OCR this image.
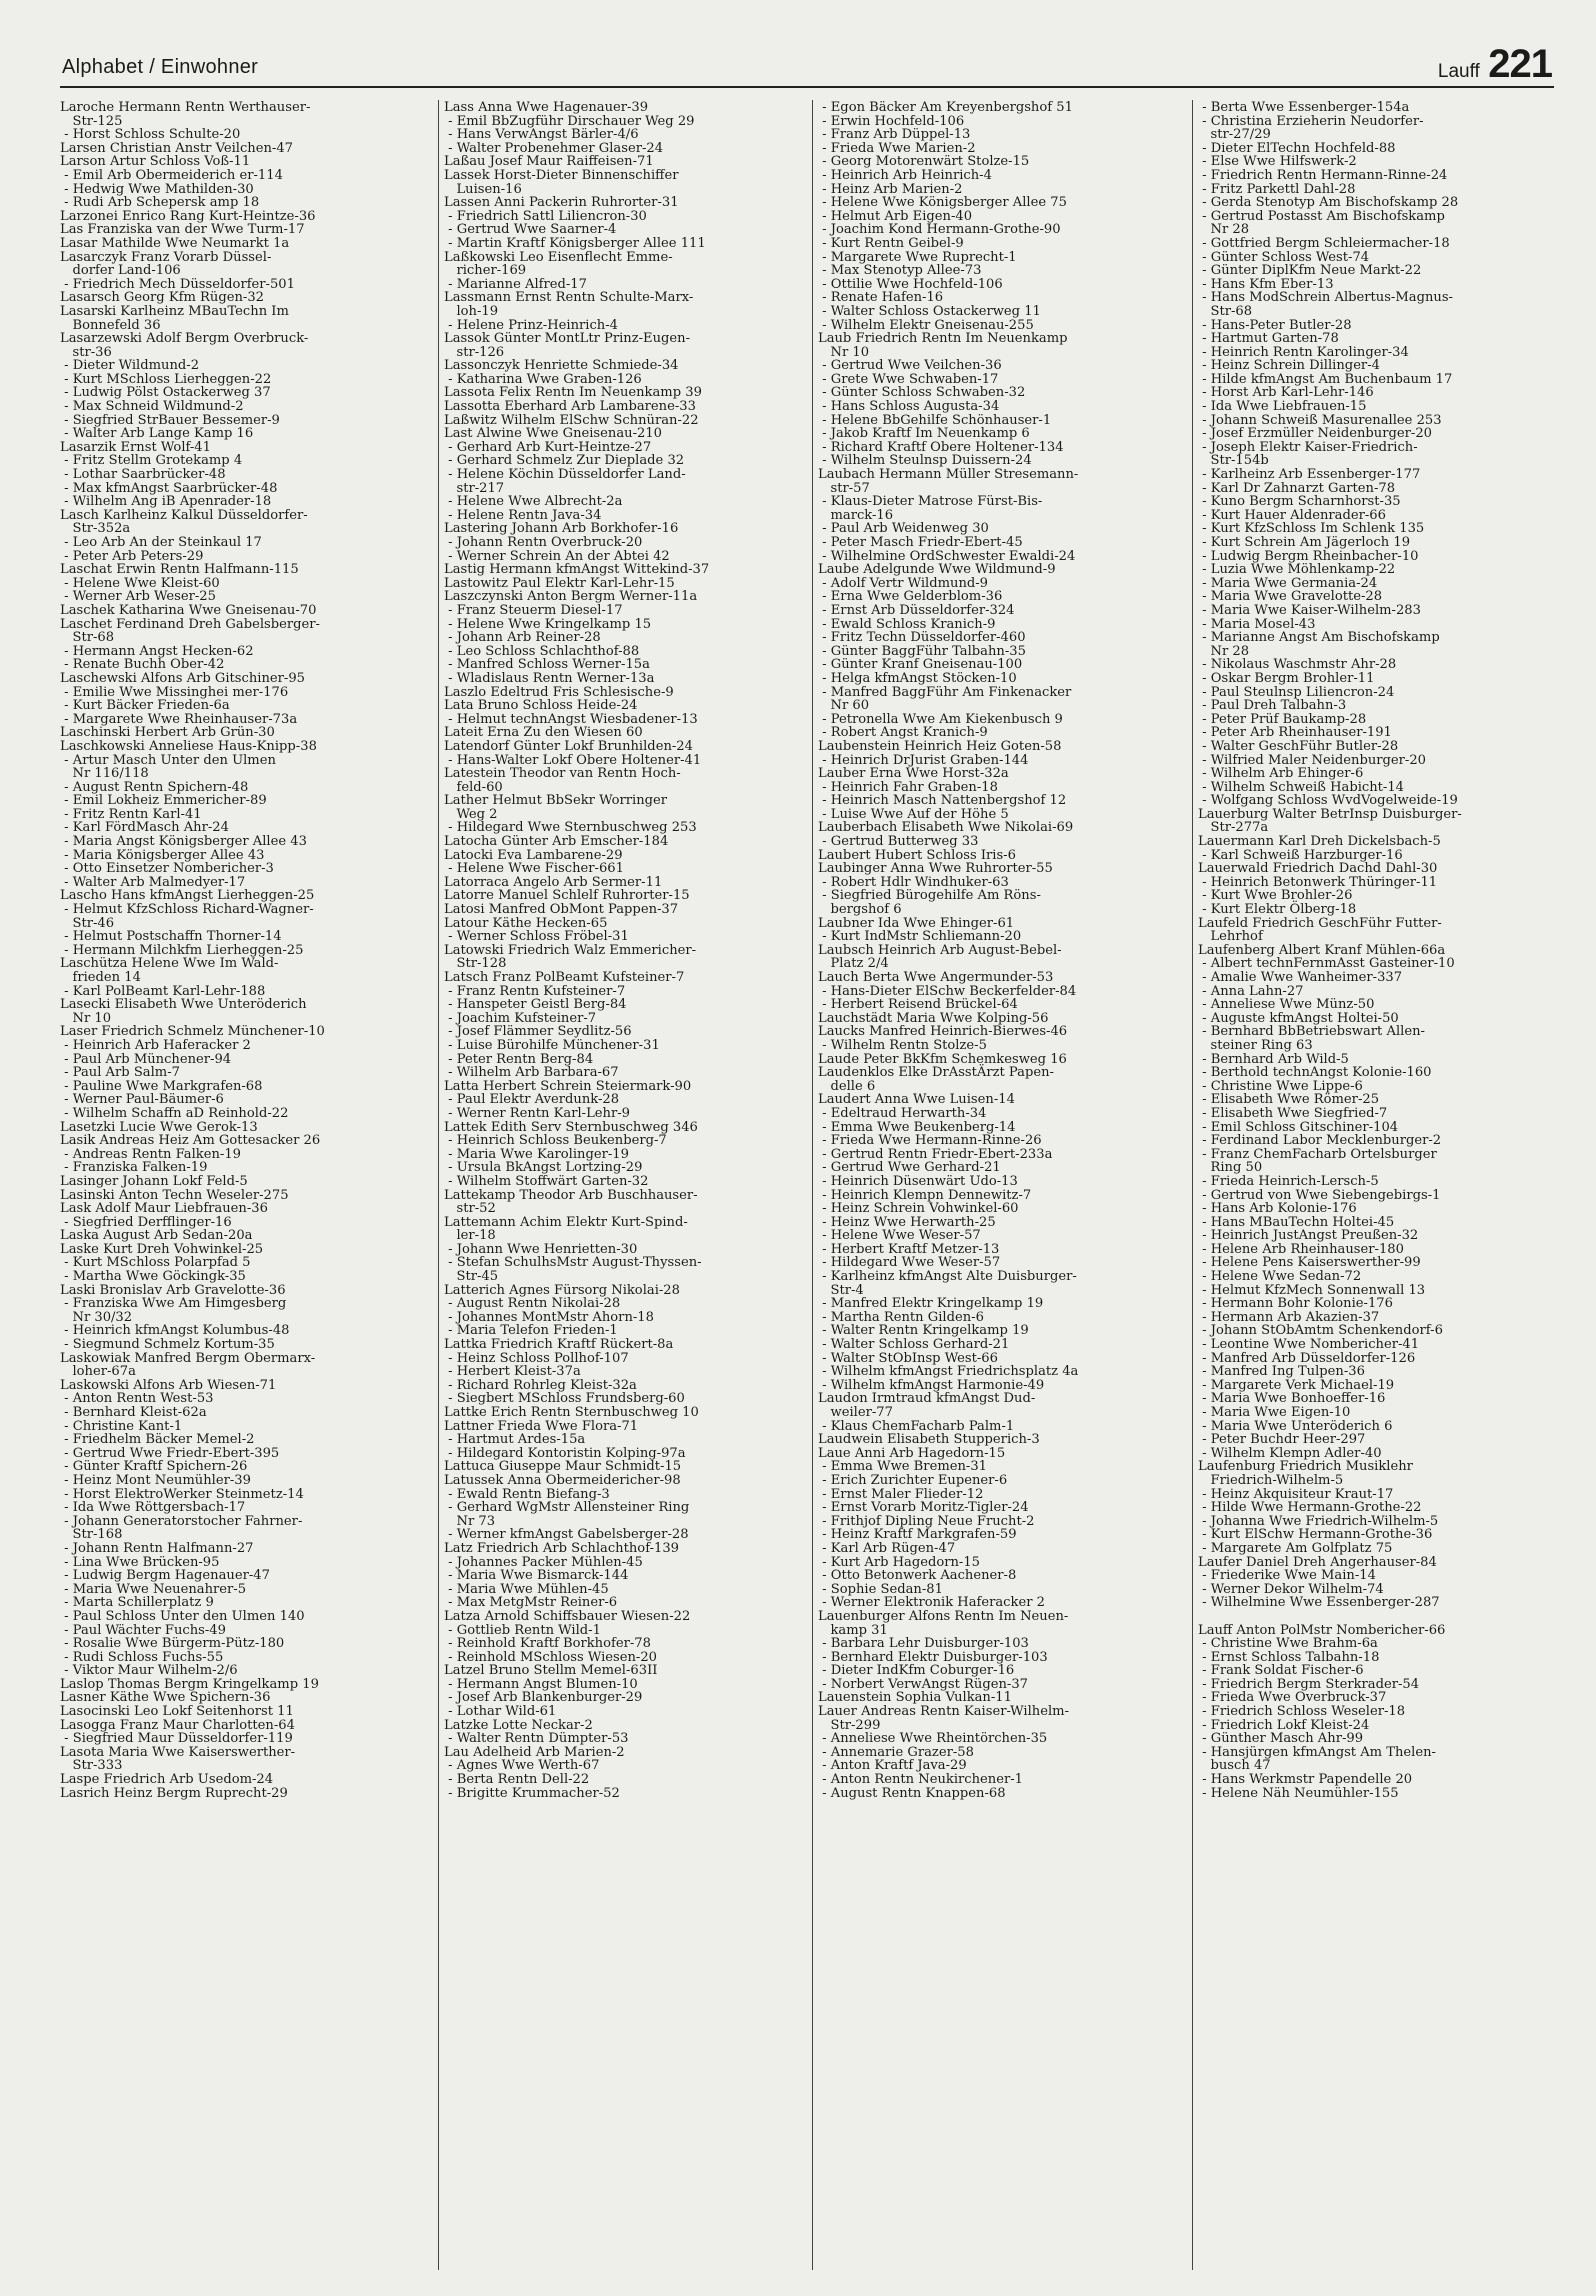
Alphabet / Einwohner	Lauff 221
Laroche Hermann Rentn Werthauser-
Str-125
- Horst Schloss Schulte-20
Larsen Christian Anstr Veilchen-47
Larson Artur Schloss Voß-11
- Emil Arb Obermeiderich er-114
- Hedwig Wwe Mathilden-30
- Rudi Arb Schepersk amp 18
Larzonei Enrico Rang Kurt-Heintze-36
Las Franziska van der Wwe Turm-17
Lasar Mathilde Wwe Neumarkt 1a
Lasarczyk Franz Vorarb Düssel-
dorfer Land-106
- Friedrich Mech Düsseldorfer-501
Lasarsch Georg Kfm Rügen-32
Lasarski Karlheinz MBauTechn Im
Bonnefeld 36
Lasarzewski Adolf Bergm Overbruck-
str-36
- Dieter Wildmund-2
- Kurt MSchloss Lierheggen-22
- Ludwig Pölst Ostackerweg 37
- Max Schneid Wildmund-2
- Siegfried StrBauer Bessemer-9
- Walter Arb Lange Kamp 16
Lasarzik Ernst Wolf-41
- Fritz Stellm Grotekamp 4
- Lothar Saarbrücker-48
- Max kfmAngst Saarbrücker-48
- Wilhelm Ang iB Apenrader-18
Lasch Karlheinz Kalkul Düsseldorfer-
Str-352a
- Leo Arb An der Steinkaul 17
- Peter Arb Peters-29
Laschat Erwin Rentn Halfmann-115
- Helene Wwe Kleist-60
- Werner Arb Weser-25
Laschek Katharina Wwe Gneisenau-70
Laschet Ferdinand Dreh Gabelsberger-
Str-68
- Hermann Angst Hecken-62
- Renate Buchh Ober-42
Laschewski Alfons Arb Gitschiner-95
- Emilie Wwe Missinghei mer-176
- Kurt Bäcker Frieden-6a
- Margarete Wwe Rheinhauser-73a
Laschinski Herbert Arb Grün-30
Laschkowski Anneliese Haus-Knipp-38
- Artur Masch Unter den Ulmen
Nr 116/118
- August Rentn Spichern-48
- Emil Lokheiz Emmericher-89
- Fritz Rentn Karl-41
- Karl FördMasch Ahr-24
- Maria Angst Königsberger Allee 43
- Maria Königsberger Allee 43
- Otto Einsetzer Nombericher-3
- Walter Arb Malmedyer-17
Lascho Hans kfmAngst Lierheggen-25
- Helmut KfzSchloss Richard-Wagner-
Str-46
- Helmut Postschaffn Thorner-14
- Hermann Milchkfm Lierheggen-25
Laschütza Helene Wwe Im Wald-
frieden 14
- Karl PolBeamt Karl-Lehr-188
Lasecki Elisabeth Wwe Unteröderich
Nr 10
Laser Friedrich Schmelz Münchener-10
- Heinrich Arb Haferacker 2
- Paul Arb Münchener-94
- Paul Arb Salm-7
- Pauline Wwe Markgrafen-68
- Werner Paul-Bäumer-6
- Wilhelm Schaffn aD Reinhold-22
Lasetzki Lucie Wwe Gerok-13
Lasik Andreas Heiz Am Gottesacker 26
- Andreas Rentn Falken-19
- Franziska Falken-19
Lasinger Johann Lokf Feld-5
Lasinski Anton Techn Weseler-275
Lask Adolf Maur Liebfrauen-36
- Siegfried Derfflinger-16
Laska August Arb Sedan-20a
Laske Kurt Dreh Vohwinkel-25
- Kurt MSchloss Polarpfad 5
- Martha Wwe Göckingk-35
Laski Bronislav Arb Gravelotte-36
- Franziska Wwe Am Himgesberg
Nr 30/32
- Heinrich kfmAngst Kolumbus-48
- Siegmund Schmelz Kortum-35
Laskowiak Manfred Bergm Obermarx-
loher-67a
Laskowski Alfons Arb Wiesen-71
- Anton Rentn West-53
- Bernhard Kleist-62a
- Christine Kant-1
- Friedhelm Bäcker Memel-2
- Gertrud Wwe Friedr-Ebert-395
- Günter Kraftf Spichern-26
- Heinz Mont Neumühler-39
- Horst ElektroWerker Steinmetz-14
- Ida Wwe Röttgersbach-17
- Johann Generatorstocher Fahrner-
Str-168
- Johann Rentn Halfmann-27
- Lina Wwe Brücken-95
- Ludwig Bergm Hagenauer-47
- Maria Wwe Neuenahrer-5
- Marta Schillerplatz 9
- Paul Schloss Unter den Ulmen 140
- Paul Wächter Fuchs-49
- Rosalie Wwe Bürgerm-Pütz-180
- Rudi Schloss Fuchs-55
- Viktor Maur Wilhelm-2/6
Laslop Thomas Bergm Kringelkamp 19
Lasner Käthe Wwe Spichern-36
Lasocinski Leo Lokf Seitenhorst 11
Lasogga Franz Maur Charlotten-64
- Siegfried Maur Düsseldorfer-119
Lasota Maria Wwe Kaiserswerther-
Str-333
Laspe Friedrich Arb Usedom-24
Lasrich Heinz Bergm Ruprecht-29
Lass Anna Wwe Hagenauer-39
- Emil BbZugführ Dirschauer Weg 29
- Hans VerwAngst Bärler-4/6
- Walter Probenehmer Glaser-24
Laßau Josef Maur Raiffeisen-71
Lassek Horst-Dieter Binnenschiffer
Luisen-16
Lassen Anni Packerin Ruhrorter-31
- Friedrich Sattl Liliencron-30
- Gertrud Wwe Saarner-4
- Martin Kraftf Königsberger Allee 111
Laßkowski Leo Eisenflecht Emme-
richer-169
- Marianne Alfred-17
Lassmann Ernst Rentn Schulte-Marx-
loh-19
- Helene Prinz-Heinrich-4
Lassok Günter MontLtr Prinz-Eugen-
str-126
Lassonczyk Henriette Schmiede-34
- Katharina Wwe Graben-126
Lassota Felix Rentn Im Neuenkamp 39
Lassotta Eberhard Arb Lambarene-33
Laßwitz Wilhelm ElSchw Schnüran-22
Last Alwine Wwe Gneisenau-210
- Gerhard Arb Kurt-Heintze-27
- Gerhard Schmelz Zur Dieplade 32
- Helene Köchin Düsseldorfer Land-
str-217
- Helene Wwe Albrecht-2a
- Helene Rentn Java-34
Lastering Johann Arb Borkhofer-16
- Johann Rentn Overbruck-20
- Werner Schrein An der Abtei 42
Lastig Hermann kfmAngst Wittekind-37
Lastowitz Paul Elektr Karl-Lehr-15
Laszczynski Anton Bergm Werner-11a
- Franz Steuerm Diesel-17
- Helene Wwe Kringelkamp 15
- Johann Arb Reiner-28
- Leo Schloss Schlachthof-88
- Manfred Schloss Werner-15a
- Wladislaus Rentn Werner-13a
Laszlo Edeltrud Fris Schlesische-9
Lata Bruno Schloss Heide-24
- Helmut technAngst Wiesbadener-13
Lateit Erna Zu den Wiesen 60
Latendorf Günter Lokf Brunhilden-24
- Hans-Walter Lokf Obere Holtener-41
Latestein Theodor van Rentn Hoch-
feld-60
Lather Helmut BbSekr Worringer
Weg 2
- Hildegard Wwe Sternbuschweg 253
Latocha Günter Arb Emscher-184
Latocki Eva Lambarene-29
- Helene Wwe Fischer-661
Latorraca Angelo Arb Sermer-11
Latorre Manuel Schlelf Ruhrorter-15
Latosi Manfred ObMont Pappen-37
Latour Käthe Hecken-65
- Werner Schloss Fröbel-31
Latowski Friedrich Walz Emmericher-
Str-128
Latsch Franz PolBeamt Kufsteiner-7
- Franz Rentn Kufsteiner-7
- Hanspeter Geistl Berg-84
- Joachim Kufsteiner-7
- Josef Flämmer Seydlitz-56
- Luise Bürohilfe Münchener-31
- Peter Rentn Berg-84
- Wilhelm Arb Barbara-67
Latta Herbert Schrein Steiermark-90
- Paul Elektr Averdunk-28
- Werner Rentn Karl-Lehr-9
Lattek Edith Serv Sternbuschweg 346
- Heinrich Schloss Beukenberg-7
- Maria Wwe Karolinger-19
- Ursula BkAngst Lortzing-29
- Wilhelm Stoffwärt Garten-32
Lattekamp Theodor Arb Buschhauser-
str-52
Lattemann Achim Elektr Kurt-Spind-
ler-18
- Johann Wwe Henrietten-30
- Stefan SchulhsMstr August-Thyssen-
Str-45
Latterich Agnes Fürsorg Nikolai-28
- August Rentn Nikolai-28
- Johannes MontMstr Ahorn-18
- Maria Telefon Frieden-1
Lattka Friedrich Kraftf Rückert-8a
- Heinz Schloss Pollhof-107
- Herbert Kleist-37a
- Richard Rohrleg Kleist-32a
- Siegbert MSchloss Frundsberg-60
Lattke Erich Rentn Sternbuschweg 10
Lattner Frieda Wwe Flora-71
- Hartmut Ardes-15a
- Hildegard Kontoristin Kolping-97a
Lattuca Giuseppe Maur Schmidt-15
Latussek Anna Obermeidericher-98
- Ewald Rentn Biefang-3
- Gerhard WgMstr Allensteiner Ring
Nr 73
- Werner kfmAngst Gabelsberger-28
Latz Friedrich Arb Schlachthof-139
- Johannes Packer Mühlen-45
- Maria Wwe Bismarck-144
- Maria Wwe Mühlen-45
- Max MetgMstr Reiner-6
Latza Arnold Schiffsbauer Wiesen-22
- Gottlieb Rentn Wild-1
- Reinhold Kraftf Borkhofer-78
- Reinhold MSchloss Wiesen-20
Latzel Bruno Stellm Memel-63II
- Hermann Angst Blumen-10
- Josef Arb Blankenburger-29
- Lothar Wild-61
Latzke Lotte Neckar-2
- Walter Rentn Dümpter-53
Lau Adelheid Arb Marien-2
- Agnes Wwe Werth-67
- Berta Rentn Dell-22
- Brigitte Krummacher-52
- Egon Bäcker Am Kreyenbergshof 51
- Erwin Hochfeld-106
- Franz Arb Düppel-13
- Frieda Wwe Marien-2
- Georg Motorenwärt Stolze-15
- Heinrich Arb Heinrich-4
- Heinz Arb Marien-2
- Helene Wwe Königsberger Allee 75
- Helmut Arb Eigen-40
- Joachim Kond Hermann-Grothe-90
- Kurt Rentn Geibel-9
- Margarete Wwe Ruprecht-1
- Max Stenotyp Allee-73
- Ottilie Wwe Hochfeld-106
- Renate Hafen-16
- Walter Schloss Ostackerweg 11
- Wilhelm Elektr Gneisenau-255
Laub Friedrich Rentn Im Neuenkamp
Nr 10
- Gertrud Wwe Veilchen-36
- Grete Wwe Schwaben-17
- Günter Schloss Schwaben-32
- Hans Schloss Augusta-34
- Helene BbGehilfe Schönhauser-1
- Jakob Kraftf Im Neuenkamp 6
- Richard Kraftf Obere Holtener-134
- Wilhelm Steulnsp Duissern-24
Laubach Hermann Müller Stresemann-
str-57
- Klaus-Dieter Matrose Fürst-Bis-
marck-16
- Paul Arb Weidenweg 30
- Peter Masch Friedr-Ebert-45
- Wilhelmine OrdSchwester Ewaldi-24
Laube Adelgunde Wwe Wildmund-9
- Adolf Vertr Wildmund-9
- Erna Wwe Gelderblom-36
- Ernst Arb Düsseldorfer-324
- Ewald Schloss Kranich-9
- Fritz Techn Düsseldorfer-460
- Günter BaggFühr Talbahn-35
- Günter Kranf Gneisenau-100
- Helga kfmAngst Stöcken-10
- Manfred BaggFühr Am Finkenacker
Nr 60
- Petronella Wwe Am Kiekenbusch 9
- Robert Angst Kranich-9
Laubenstein Heinrich Heiz Goten-58
- Heinrich DrJurist Graben-144
Lauber Erna Wwe Horst-32a
- Heinrich Fahr Graben-18
- Heinrich Masch Nattenbergshof 12
- Luise Wwe Auf der Höhe 5
Lauberbach Elisabeth Wwe Nikolai-69
- Gertrud Butterweg 33
Laubert Hubert Schloss Iris-6
Laubinger Anna Wwe Ruhrorter-55
- Robert Hdlr Windhuker-63
- Siegfried Bürogehilfe Am Röns-
bergshof 6
Laubner Ida Wwe Ehinger-61
- Kurt IndMstr Schliemann-20
Laubsch Heinrich Arb August-Bebel-
Platz 2/4
Lauch Berta Wwe Angermunder-53
- Hans-Dieter ElSchw Beckerfelder-84
- Herbert Reisend Brückel-64
Lauchstädt Maria Wwe Kolping-56
Laucks Manfred Heinrich-Bierwes-46
- Wilhelm Rentn Stolze-5
Laude Peter BkKfm Schemkesweg 16
Laudenklos Elke DrAsstÄrzt Papen-
delle 6
Laudert Anna Wwe Luisen-14
- Edeltraud Herwarth-34
- Emma Wwe Beukenberg-14
- Frieda Wwe Hermann-Rinne-26
- Gertrud Rentn Friedr-Ebert-233a
- Gertrud Wwe Gerhard-21
- Heinrich Düsenwärt Udo-13
- Heinrich Klempn Dennewitz-7
- Heinz Schrein Vohwinkel-60
- Heinz Wwe Herwarth-25
- Helene Wwe Weser-57
- Herbert Kraftf Metzer-13
- Hildegard Wwe Weser-57
- Karlheinz kfmAngst Alte Duisburger-
Str-4
- Manfred Elektr Kringelkamp 19
- Martha Rentn Gilden-6
- Walter Rentn Kringelkamp 19
- Walter Schloss Gerhard-21
- Walter StObInsp West-66
- Wilhelm kfmAngst Friedrichsplatz 4a
- Wilhelm kfmAngst Harmonie-49
Laudon Irmtraud kfmAngst Dud-
weiler-77
- Klaus ChemFacharb Palm-1
Laudwein Elisabeth Stupperich-3
Laue Anni Arb Hagedorn-15
- Emma Wwe Bremen-31
- Erich Zurichter Eupener-6
- Ernst Maler Flieder-12
- Ernst Vorarb Moritz-Tigler-24
- Frithjof Dipling Neue Frucht-2
- Heinz Kraftf Markgrafen-59
- Karl Arb Rügen-47
- Kurt Arb Hagedorn-15
- Otto Betonwerk Aachener-8
- Sophie Sedan-81
- Werner Elektronik Haferacker 2
Lauenburger Alfons Rentn Im Neuen-
kamp 31
- Barbara Lehr Duisburger-103
- Bernhard Elektr Duisburger-103
- Dieter IndKfm Coburger-16
- Norbert VerwAngst Rügen-37
Lauenstein Sophia Vulkan-11
Lauer Andreas Rentn Kaiser-Wilhelm-
Str-299
- Anneliese Wwe Rheintörchen-35
- Annemarie Grazer-58
- Anton Kraftf Java-29
- Anton Rentn Neukirchener-1
- August Rentn Knappen-68
- Berta Wwe Essenberger-154a
- Christina Erzieherin Neudorfer-
str-27/29
- Dieter ElTechn Hochfeld-88
- Else Wwe Hilfswerk-2
- Friedrich Rentn Hermann-Rinne-24
- Fritz Parkettl Dahl-28
- Gerda Stenotyp Am Bischofskamp 28
- Gertrud Postasst Am Bischofskamp
Nr 28
- Gottfried Bergm Schleiermacher-18
- Günter Schloss West-74
- Günter DiplKfm Neue Markt-22
- Hans Kfm Eber-13
- Hans ModSchrein Albertus-Magnus-
Str-68
- Hans-Peter Butler-28
- Hartmut Garten-78
- Heinrich Rentn Karolinger-34
- Heinz Schrein Dillinger-4
- Hilde kfmAngst Am Buchenbaum 17
- Horst Arb Karl-Lehr-146
- Ida Wwe Liebfrauen-15
- Johann Schweiß Masurenallee 253
- Josef Erzmüller Neidenburger-20
- Joseph Elektr Kaiser-Friedrich-
Str-154b
- Karlheinz Arb Essenberger-177
- Karl Dr Zahnarzt Garten-78
- Kuno Bergm Scharnhorst-35
- Kurt Hauer Aldenrader-66
- Kurt KfzSchloss Im Schlenk 135
- Kurt Schrein Am Jägerloch 19
- Ludwig Bergm Rheinbacher-10
- Luzia Wwe Möhlenkamp-22
- Maria Wwe Germania-24
- Maria Wwe Gravelotte-28
- Maria Wwe Kaiser-Wilhelm-283
- Maria Mosel-43
- Marianne Angst Am Bischofskamp
Nr 28
- Nikolaus Waschmstr Ahr-28
- Oskar Bergm Brohler-11
- Paul Steulnsp Liliencron-24
- Paul Dreh Talbahn-3
- Peter Prüf Baukamp-28
- Peter Arb Rheinhauser-191
- Walter GeschFühr Butler-28
- Wilfried Maler Neidenburger-20
- Wilhelm Arb Ehinger-6
- Wilhelm Schweiß Habicht-14
- Wolfgang Schloss WvdVogelweide-19
Lauerburg Walter BetrInsp Duisburger-
Str-277a
Lauermann Karl Dreh Dickelsbach-5
- Karl Schweiß Harzburger-16
Lauerwald Friedrich Dachd Dahl-30
- Heinrich Betonwerk Thüringer-11
- Kurt Wwe Brohler-26
- Kurt Elektr Ölberg-18
Laufeld Friedrich GeschFühr Futter-
Lehrhof
Laufenberg Albert Kranf Mühlen-66a
- Albert technFernmAsst Gasteiner-10
- Amalie Wwe Wanheimer-337
- Anna Lahn-27
- Anneliese Wwe Münz-50
- Auguste kfmAngst Holtei-50
- Bernhard BbBetriebswart Allen-
steiner Ring 63
- Bernhard Arb Wild-5
- Berthold technAngst Kolonie-160
- Christine Wwe Lippe-6
- Elisabeth Wwe Römer-25
- Elisabeth Wwe Siegfried-7
- Emil Schloss Gitschiner-104
- Ferdinand Labor Mecklenburger-2
- Franz ChemFacharb Ortelsburger
Ring 50
- Frieda Heinrich-Lersch-5
- Gertrud von Wwe Siebengebirgs-1
- Hans Arb Kolonie-176
- Hans MBauTechn Holtei-45
- Heinrich JustAngst Preußen-32
- Helene Arb Rheinhauser-180
- Helene Pens Kaiserswerther-99
- Helene Wwe Sedan-72
- Helmut KfzMech Sonnenwall 13
- Hermann Bohr Kolonie-176
- Hermann Arb Akazien-37
- Johann StObAmtm Schenkendorf-6
- Leontine Wwe Nombericher-41
- Manfred Arb Düsseldorfer-126
- Manfred Ing Tulpen-36
- Margarete Verk Michael-19
- Maria Wwe Bonhoeffer-16
- Maria Wwe Eigen-10
- Maria Wwe Unteröderich 6
- Peter Buchdr Heer-297
- Wilhelm Klempn Adler-40
Laufenburg Friedrich Musiklehr
Friedrich-Wilhelm-5
- Heinz Akquisiteur Kraut-17
- Hilde Wwe Hermann-Grothe-22
- Johanna Wwe Friedrich-Wilhelm-5
- Kurt ElSchw Hermann-Grothe-36
- Margarete Am Golfplatz 75
Laufer Daniel Dreh Angerhauser-84
- Friederike Wwe Main-14
- Werner Dekor Wilhelm-74
- Wilhelmine Wwe Essenberger-287

Lauff Anton PolMstr Nombericher-66
- Christine Wwe Brahm-6a
- Ernst Schloss Talbahn-18
- Frank Soldat Fischer-6
- Friedrich Bergm Sterkrader-54
- Frieda Wwe Overbruck-37
- Friedrich Schloss Weseler-18
- Friedrich Lokf Kleist-24
- Günther Masch Ahr-99
- Hansjürgen kfmAngst Am Thelen-
busch 47
- Hans Werkmstr Papendelle 20
- Helene Näh Neumühler-155
